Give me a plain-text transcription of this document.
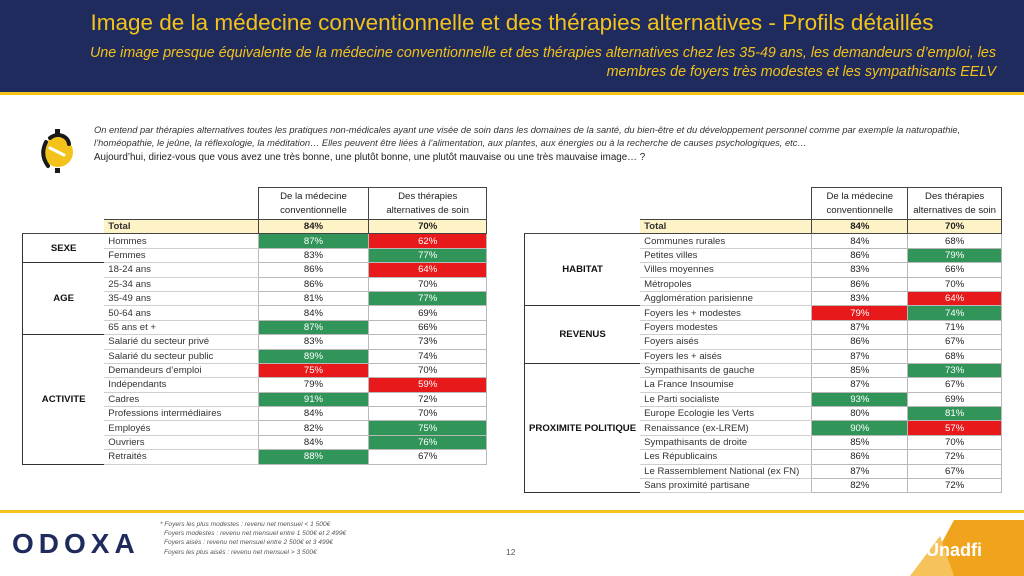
Image de la médecine conventionnelle et des thérapies alternatives - Profils détaillés
Une image presque équivalente de la médecine conventionnelle et des thérapies alternatives chez les 35-49 ans, les demandeurs d’emploi, les membres de foyers très modestes et les sympathisants EELV
On entend par thérapies alternatives toutes les pratiques non-médicales ayant une visée de soin dans les domaines de la santé, du bien-être et du développement personnel comme par exemple la naturopathie, l’homéopathie, le jeûne, la réflexologie, la méditation… Elles peuvent être liées à l’alimentation, aux plantes, aux énergies ou à la recherche de causes psychologiques, etc…
Aujourd’hui, diriez-vous que vous avez une très bonne, une plutôt bonne, une plutôt mauvaise ou une très mauvaise image… ?
		De la médecine conventionnelle	Des thérapies alternatives de soin
	Total	84%	70%
SEXE	Hommes	87%	62%
	Femmes	83%	77%
AGE	18-24 ans	86%	64%
	25-34 ans	86%	70%
	35-49 ans	81%	77%
	50-64 ans	84%	69%
	65 ans et +	87%	66%
ACTIVITE	Salarié du secteur privé	83%	73%
	Salarié du secteur public	89%	74%
	Demandeurs d’emploi	75%	70%
	Indépendants	79%	59%
	Cadres	91%	72%
	Professions intermédiaires	84%	70%
	Employés	82%	75%
	Ouvriers	84%	76%
	Retraités	88%	67%
		De la médecine conventionnelle	Des thérapies alternatives de soin
	Total	84%	70%
HABITAT	Communes rurales	84%	68%
	Petites villes	86%	79%
	Villes moyennes	83%	66%
	Métropoles	86%	70%
	Agglomération parisienne	83%	64%
REVENUS	Foyers les + modestes	79%	74%
	Foyers modestes	87%	71%
	Foyers aisés	86%	67%
	Foyers les + aisés	87%	68%
PROXIMITE POLITIQUE	Sympathisants de gauche	85%	73%
	La France Insoumise	87%	67%
	Le Parti socialiste	93%	69%
	Europe Ecologie les Verts	80%	81%
	Renaissance (ex-LREM)	90%	57%
	Sympathisants de droite	85%	70%
	Les Républicains	86%	72%
	Le Rassemblement National (ex FN)	87%	67%
	Sans proximité partisane	82%	72%
ODOXA
* Foyers les plus modestes : revenu net mensuel < 1 500€
Foyers modestes : revenu net mensuel entre 1 500€ et 2 499€
Foyers aisés : revenu net mensuel entre 2 500€ et 3 499€
Foyers les plus aisés : revenu net mensuel > 3 500€	12	Unadfi
